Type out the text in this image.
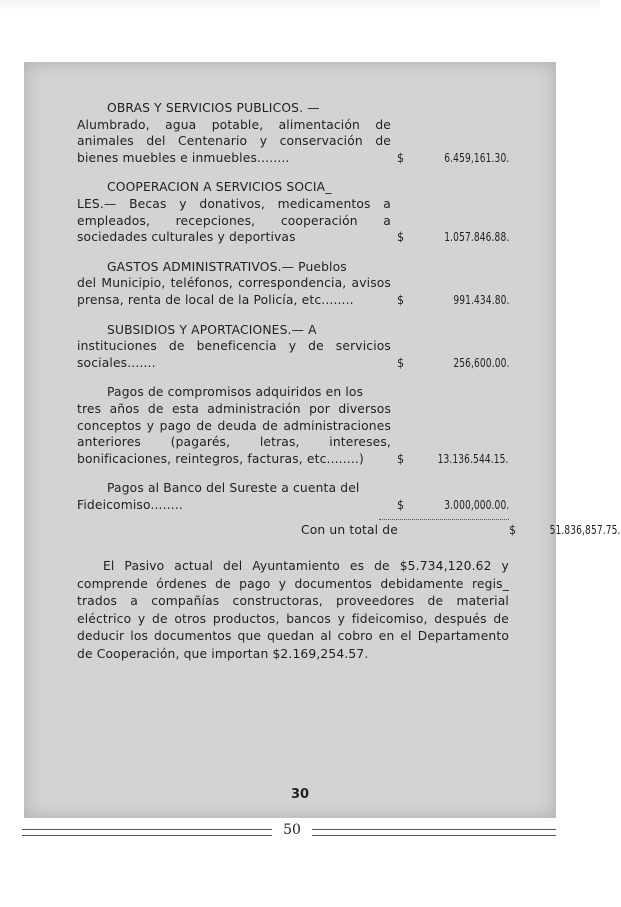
OBRAS Y SERVICIOS PUBLICOS. —

Alumbrado, agua potable, alimentación de animales del Centenario y conservación de bienes muebles e inmuebles........	$	6.459,161.30.

COOPERACION A SERVICIOS SOCIA_

LES.— Becas y donativos, medicamentos a empleados, recepciones, cooperación a sociedades culturales y deportivas	$	1.057.846.88.

GASTOS ADMINISTRATIVOS.— Pueblos

del Municipio, teléfonos, correspondencia, avisos prensa, renta de local de la Policía, etc........	$	991.434.80.

SUBSIDIOS Y APORTACIONES.— A

instituciones de beneficencia y de servicios sociales.......	$	256,600.00.

Pagos de compromisos adquiridos en los

tres años de esta administración por diversos conceptos y pago de deuda de administraciones anteriores (pagarés, letras, intereses, bonificaciones, reintegros, facturas, etc........)	$	13.136.544.15.

Pagos al Banco del Sureste a cuenta del

Fideicomiso........	$	3.000,000.00.
Con un total de	$	51.836,857.75.

El Pasivo actual del Ayuntamiento es de $5.734,120.62 y comprende órdenes de pago y documentos debidamente regis_ trados a compañías constructoras, proveedores de material eléctrico y de otros productos, bancos y fideicomiso, después de deducir los documentos que quedan al cobro en el Departamento de Cooperación, que importan $2.169,254.57.

30
50
